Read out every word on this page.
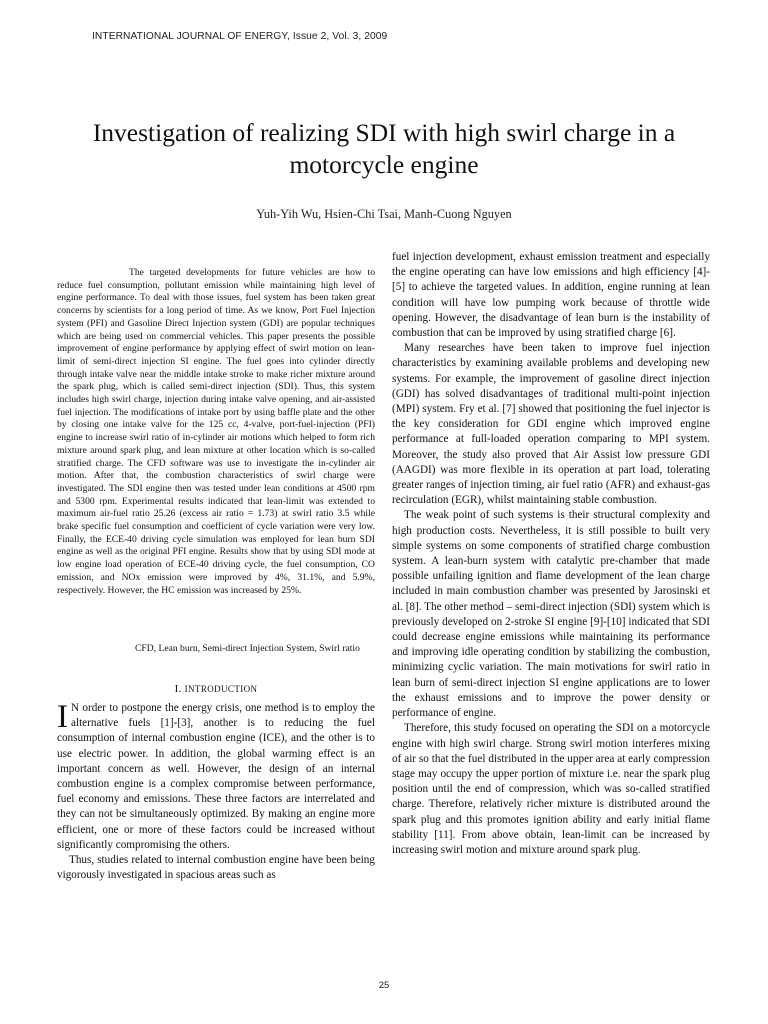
INTERNATIONAL JOURNAL OF ENERGY, Issue 2, Vol. 3, 2009
Investigation of realizing SDI with high swirl charge in a motorcycle engine
Yuh-Yih Wu, Hsien-Chi Tsai, Manh-Cuong Nguyen

The targeted developments for future vehicles are how to reduce fuel consumption, pollutant emission while maintaining high level of engine performance. To deal with those issues, fuel system has been taken great concerns by scientists for a long period of time. As we know, Port Fuel Injection system (PFI) and Gasoline Direct Injection system (GDI) are popular techniques which are being used on commercial vehicles. This paper presents the possible improvement of engine performance by applying effect of swirl motion on lean-limit of semi-direct injection SI engine. The fuel goes into cylinder directly through intake valve near the middle intake stroke to make richer mixture around the spark plug, which is called semi-direct injection (SDI). Thus, this system includes high swirl charge, injection during intake valve opening, and air-assisted fuel injection. The modifications of intake port by using baffle plate and the other by closing one intake valve for the 125 cc, 4-valve, port-fuel-injection (PFI) engine to increase swirl ratio of in-cylinder air motions which helped to form rich mixture around spark plug, and lean mixture at other location which is so-called stratified charge. The CFD software was use to investigate the in-cylinder air motion. After that, the combustion characteristics of swirl charge were investigated. The SDI engine then was tested under lean conditions at 4500 rpm and 5300 rpm. Experimental results indicated that lean-limit was extended to maximum air-fuel ratio 25.26 (excess air ratio = 1.73) at swirl ratio 3.5 while brake specific fuel consumption and coefficient of cycle variation were very low. Finally, the ECE-40 driving cycle simulation was employed for lean burn SDI engine as well as the original PFI engine. Results show that by using SDI mode at low engine load operation of ECE-40 driving cycle, the fuel consumption, CO emission, and NOx emission were improved by 4%, 31.1%, and 5.9%, respectively. However, the HC emission was increased by 25%.

CFD, Lean burn, Semi-direct Injection System, Swirl ratio

I. INTRODUCTION

I N order to postpone the energy crisis, one method is to employ the alternative fuels [1]-[3], another is to reducing the fuel consumption of internal combustion engine (ICE), and the other is to use electric power. In addition, the global warming effect is an important concern as well. However, the design of an internal combustion engine is a complex compromise between performance, fuel economy and emissions. These three factors are interrelated and they can not be simultaneously optimized. By making an engine more efficient, one or more of these factors could be increased without significantly compromising the others.

Thus, studies related to internal combustion engine have been being vigorously investigated in spacious areas such as

fuel injection development, exhaust emission treatment and especially the engine operating can have low emissions and high efficiency [4]-[5] to achieve the targeted values. In addition, engine running at lean condition will have low pumping work because of throttle wide opening. However, the disadvantage of lean burn is the instability of combustion that can be improved by using stratified charge [6].

Many researches have been taken to improve fuel injection characteristics by examining available problems and developing new systems. For example, the improvement of gasoline direct injection (GDI) has solved disadvantages of traditional multi-point injection (MPI) system. Fry et al. [7] showed that positioning the fuel injector is the key consideration for GDI engine which improved engine performance at full-loaded operation comparing to MPI system. Moreover, the study also proved that Air Assist low pressure GDI (AAGDI) was more flexible in its operation at part load, tolerating greater ranges of injection timing, air fuel ratio (AFR) and exhaust-gas recirculation (EGR), whilst maintaining stable combustion.

The weak point of such systems is their structural complexity and high production costs. Nevertheless, it is still possible to built very simple systems on some components of stratified charge combustion system. A lean-burn system with catalytic pre-chamber that made possible unfailing ignition and flame development of the lean charge included in main combustion chamber was presented by Jarosinski et al. [8]. The other method – semi-direct injection (SDI) system which is previously developed on 2-stroke SI engine [9]-[10] indicated that SDI could decrease engine emissions while maintaining its performance and improving idle operating condition by stabilizing the combustion, minimizing cyclic variation. The main motivations for swirl ratio in lean burn of semi-direct injection SI engine applications are to lower the exhaust emissions and to improve the power density or performance of engine.

Therefore, this study focused on operating the SDI on a motorcycle engine with high swirl charge. Strong swirl motion interferes mixing of air so that the fuel distributed in the upper area at early compression stage may occupy the upper portion of mixture i.e. near the spark plug position until the end of compression, which was so-called stratified charge. Therefore, relatively richer mixture is distributed around the spark plug and this promotes ignition ability and early initial flame stability [11]. From above obtain, lean-limit can be increased by increasing swirl motion and mixture around spark plug.

25
